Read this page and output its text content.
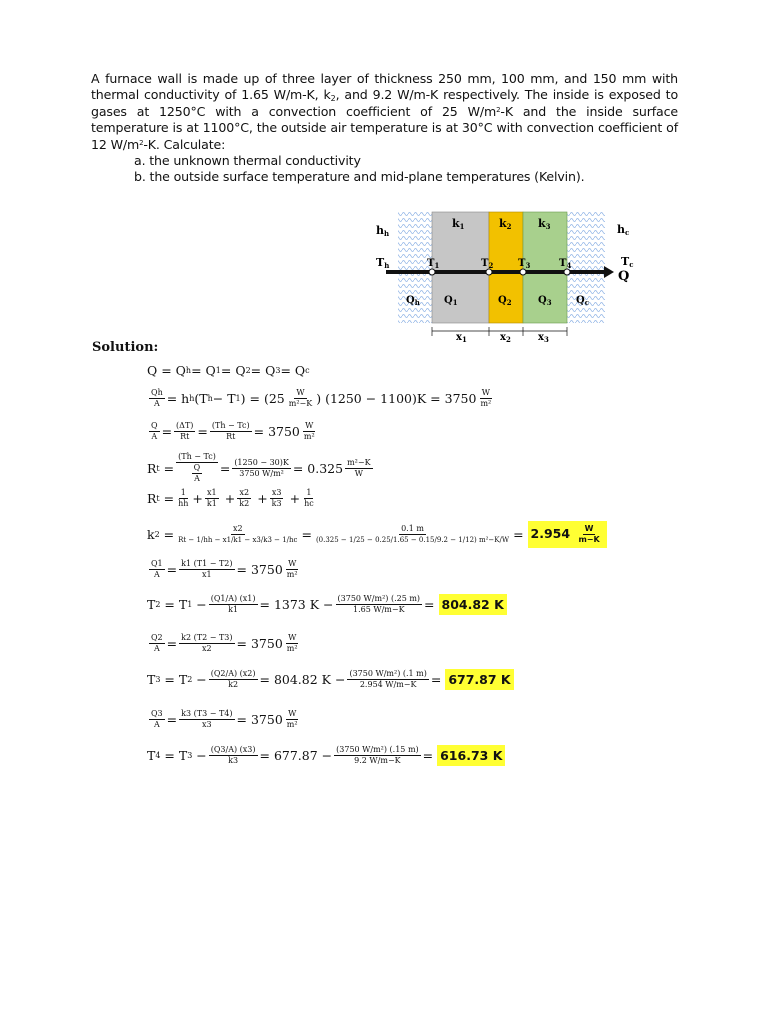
A furnace wall is made up of three layer of thickness 250 mm, 100 mm, and 150 mm with thermal conductivity of 1.65 W/m-K, $k_2$, and 9.2 W/m-K respectively. The inside is exposed to gases at 1250°C with a convection coefficient of 25 $W/m^2-K$ and the inside surface temperature is at 1100°C, the outside air temperature is at 30°C with convection coefficient of 12 $W/m^2-K$. Calculate:

a. the unknown thermal conductivity
b. the outside surface temperature and mid-plane temperatures (Kelvin).
hh
Th
hc
Tc
Q
k1	k2 k3
$T_1$	$T_2$ $T_3$	$T_4$
$Q_h$ $Q_1$	$Q_2$	$Q_3$ $Q_c$
$x_1$	$x_2$	$x_3$
Solution:
Q = Q h = Q 1 = Q 2 = Q 3 = Q c
$\frac{Qh}{A} = h$ h (T h − T 1 ) = ($25 \frac{W}{\text{m²−K}}$ ) $(1250 - 1100)K = 3750 \frac{W}{\text{m²}}$
$\frac{Q}{A} = \frac{(\Delta T)}{Rt} = \frac{(Th - Tc)}{Rt} = 3750 \frac{W}{\text{m²}}$
R $t = \frac{(Th - Tc)}{\frac{Q}{A}} = \frac{(1250 - 30)K}{\text{3750 W/m²}} = 0.325 \frac{\text{m²−K}}{W}$
R $t = \frac{1}{hh} + \frac{x1}{k1} + \frac{x2}{k2} + \frac{x3}{k3} + \frac{1}{hc}$
k $2 = \frac{x2}{Rt - 1/hh - x1/k1 - x3/k3 - 1/hc} = \frac{0.1 m}{\text{(0.325 − 1/25 − 0.25/1.65 − 0.15/9.2 − 1/12) m²−K/W}} = 2.954 \frac{W}{m-K}$
$\frac{Q1}{A} = \frac{k1 (T1 - T2)}{x1} = 3750 \frac{W}{\text{m²}}$
T 2 = T $1 - \frac{(Q1/A) (x1)}{k1} = 1373$ $K - \frac{\text{(3750 W/m²) (.25 m)}}{1.65 W/m-K} = 804.82$ K
$\frac{Q2}{A} = \frac{k2 (T2 - T3)}{x2} = 3750 \frac{W}{\text{m²}}$
T 3 = T $2 - \frac{(Q2/A) (x2)}{k2} = 804.82$ $K - \frac{\text{(3750 W/m²) (.1 m)}}{2.954 W/m-K} = 677.87$ K
$\frac{Q3}{A} = \frac{k3 (T3 - T4)}{x3} = 3750 \frac{W}{\text{m²}}$
T 4 = T $3 - \frac{(Q3/A) (x3)}{k3} = 677.87 - \frac{\text{(3750 W/m²) (.15 m)}}{9.2 W/m-K} = 616.73$ K
